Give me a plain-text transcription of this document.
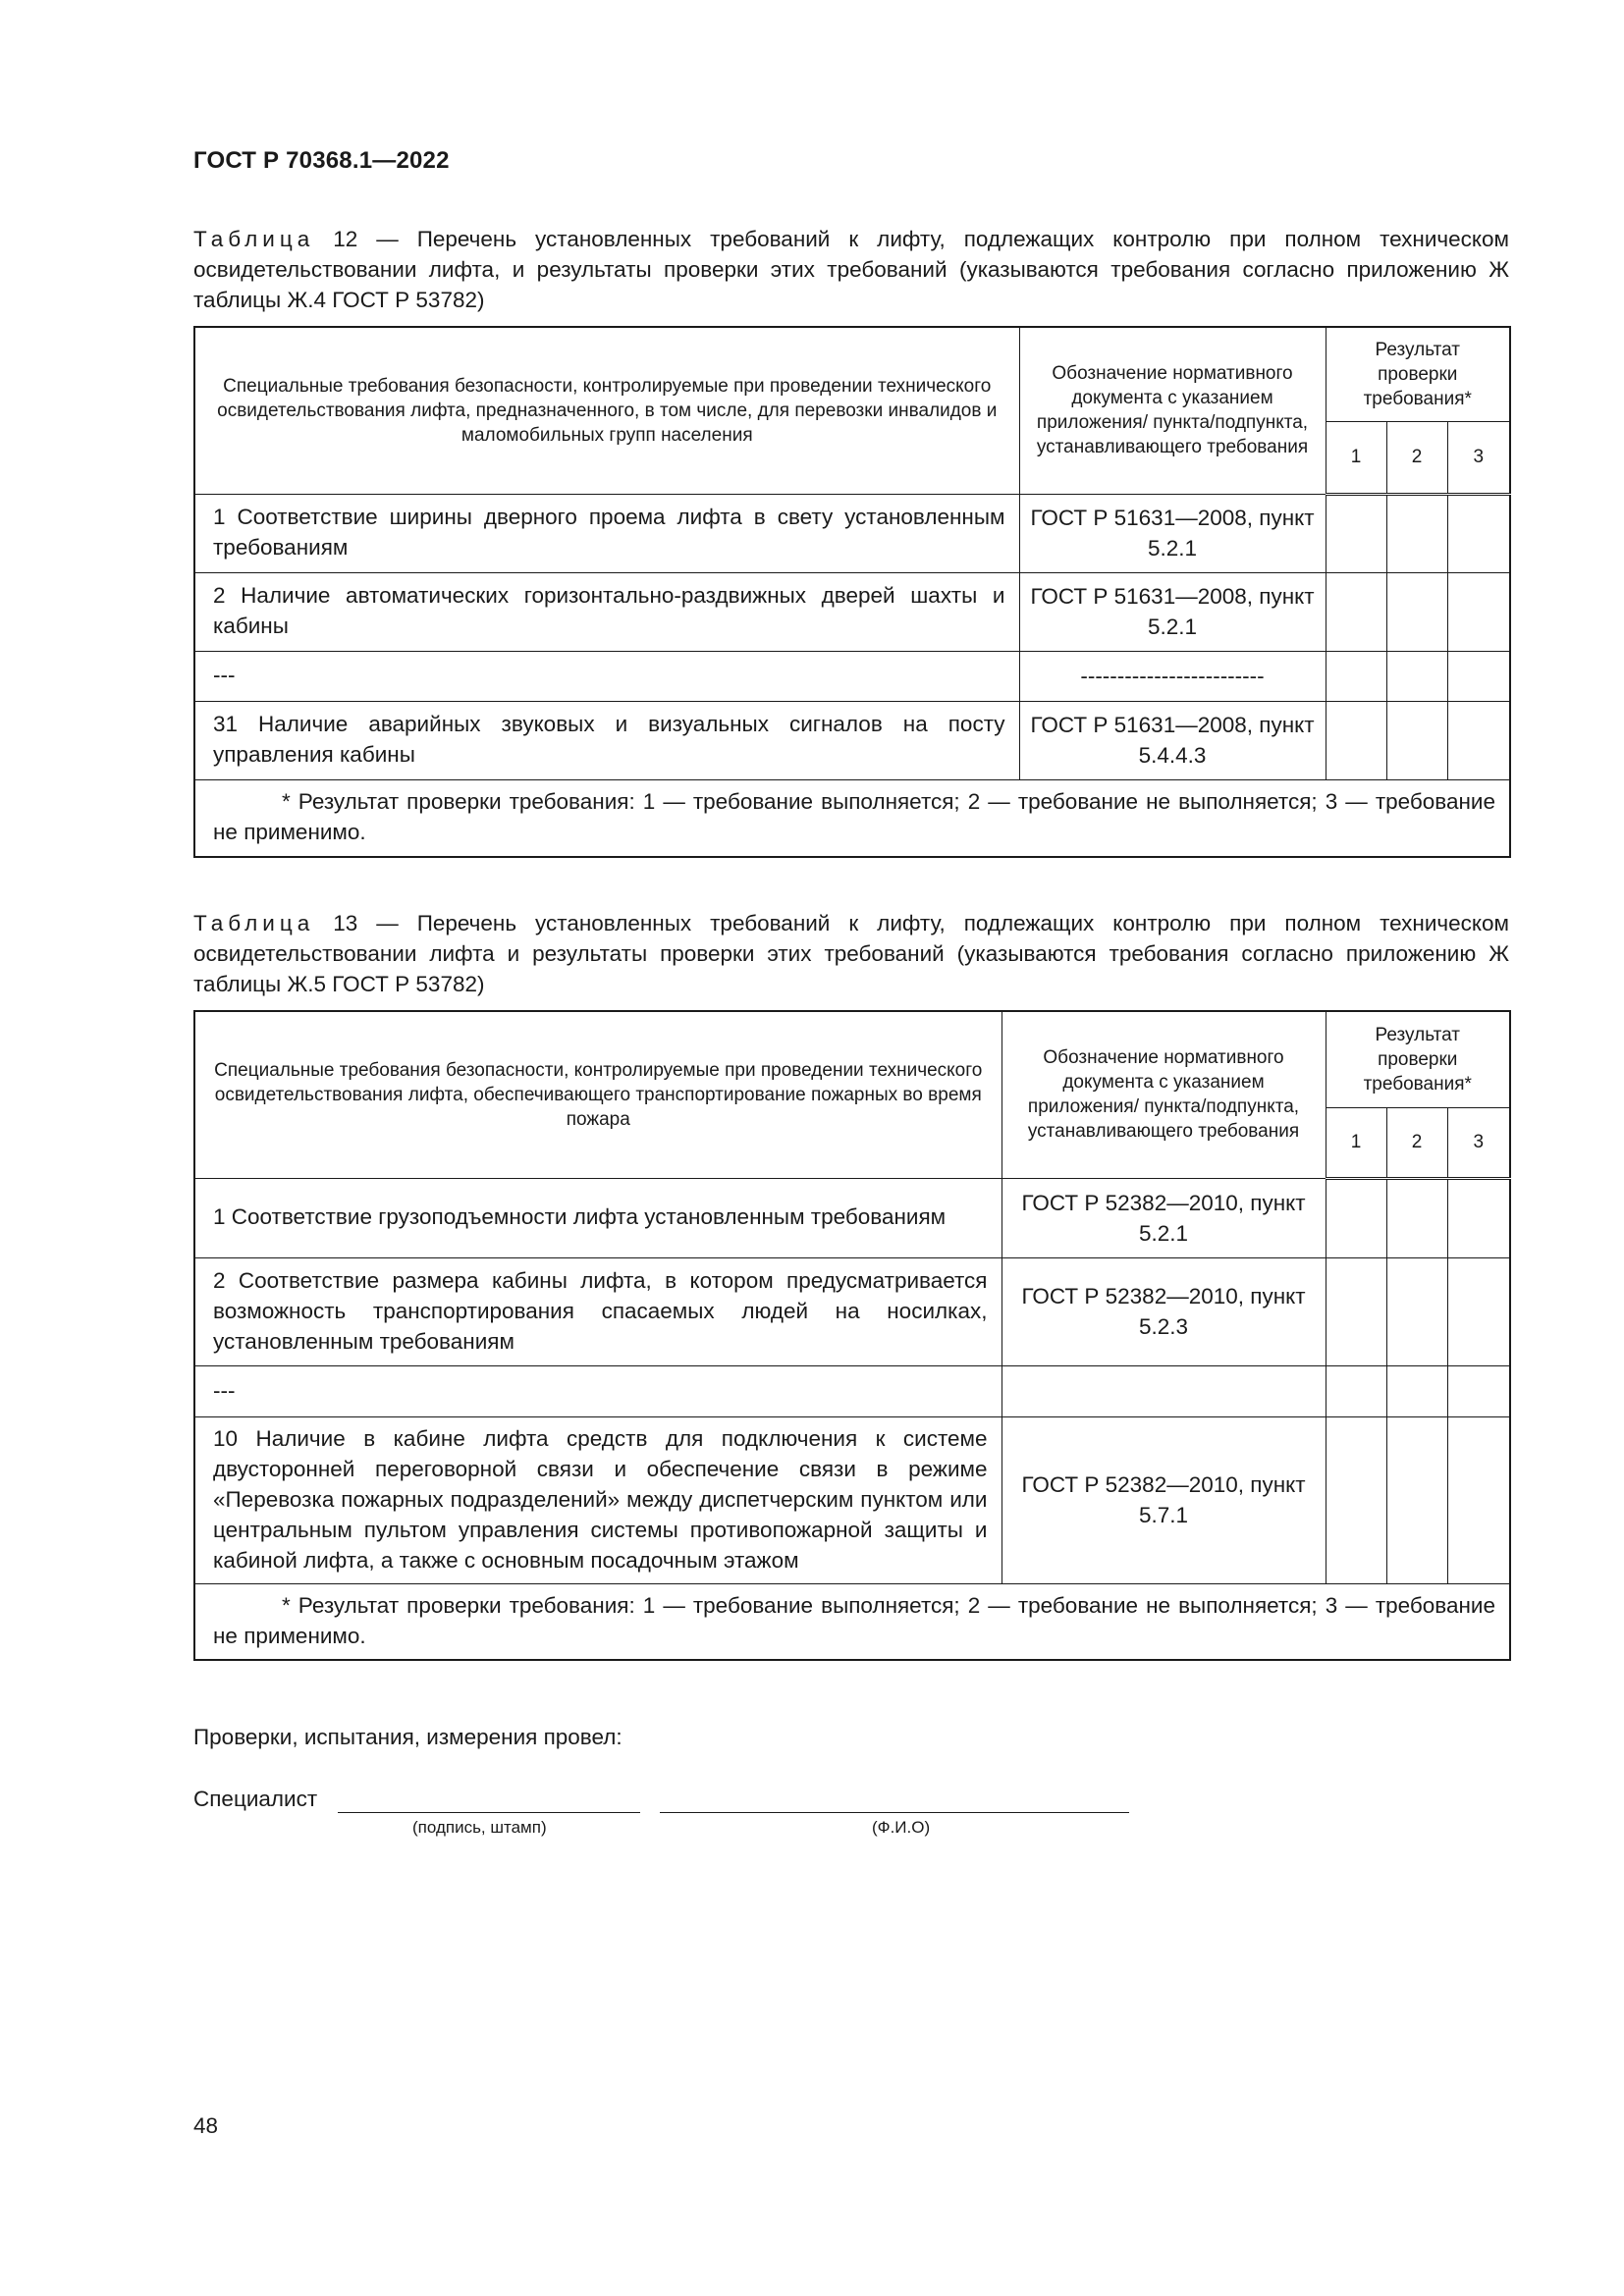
ГОСТ Р 70368.1—2022
Таблица 12 — Перечень установленных требований к лифту, подлежащих контролю при полном техническом освидетельствовании лифта, и результаты проверки этих требований (указываются требования согласно приложению Ж таблицы Ж.4 ГОСТ Р 53782)
Специальные требования безопасности, контролируемые при проведении технического освидетельствования лифта, предназначенного, в том числе, для перевозки инвалидов и маломобильных групп населения	Обозначение нормативного документа с указанием приложения/ пункта/подпункта, устанавливающего требования	Результат проверки требования*		
		1	2	3
1 Соответствие ширины дверного проема лифта в свету установленным требованиям	ГОСТ Р 51631—2008, пункт 5.2.1			
2 Наличие автоматических горизонтально-раздвижных дверей шахты и кабины	ГОСТ Р 51631—2008, пункт 5.2.1			
---	-------------------------			
31 Наличие аварийных звуковых и визуальных сигналов на посту управления кабины	ГОСТ Р 51631—2008, пункт 5.4.4.3			
* Результат проверки требования: 1 — требование выполняется; 2 — требование не выполняется; 3 — требование не применимо.				
Таблица 13 — Перечень установленных требований к лифту, подлежащих контролю при полном техническом освидетельствовании лифта и результаты проверки этих требований (указываются требования согласно приложению Ж таблицы Ж.5 ГОСТ Р 53782)
Специальные требования безопасности, контролируемые при проведении технического освидетельствования лифта, обеспечивающего транспортирование пожарных во время пожара	Обозначение нормативного документа с указанием приложения/ пункта/подпункта, устанавливающего требования	Результат проверки требования*		
		1	2	3
1 Соответствие грузоподъемности лифта установленным требованиям	ГОСТ Р 52382—2010, пункт 5.2.1			
2 Соответствие размера кабины лифта, в котором предусматривается возможность транспортирования спасаемых людей на носилках, установленным требованиям	ГОСТ Р 52382—2010, пункт 5.2.3			
---				
10 Наличие в кабине лифта средств для подключения к системе двусторонней переговорной связи и обеспечение связи в режиме «Перевозка пожарных подразделений» между диспетчерским пунктом или центральным пультом управления системы противопожарной защиты и кабиной лифта, а также с основным посадочным этажом	ГОСТ Р 52382—2010, пункт 5.7.1			
* Результат проверки требования: 1 — требование выполняется; 2 — требование не выполняется; 3 — требование не применимо.				
Проверки, испытания, измерения провел:
Специалист
(подпись, штамп)	(Ф.И.О)
48
